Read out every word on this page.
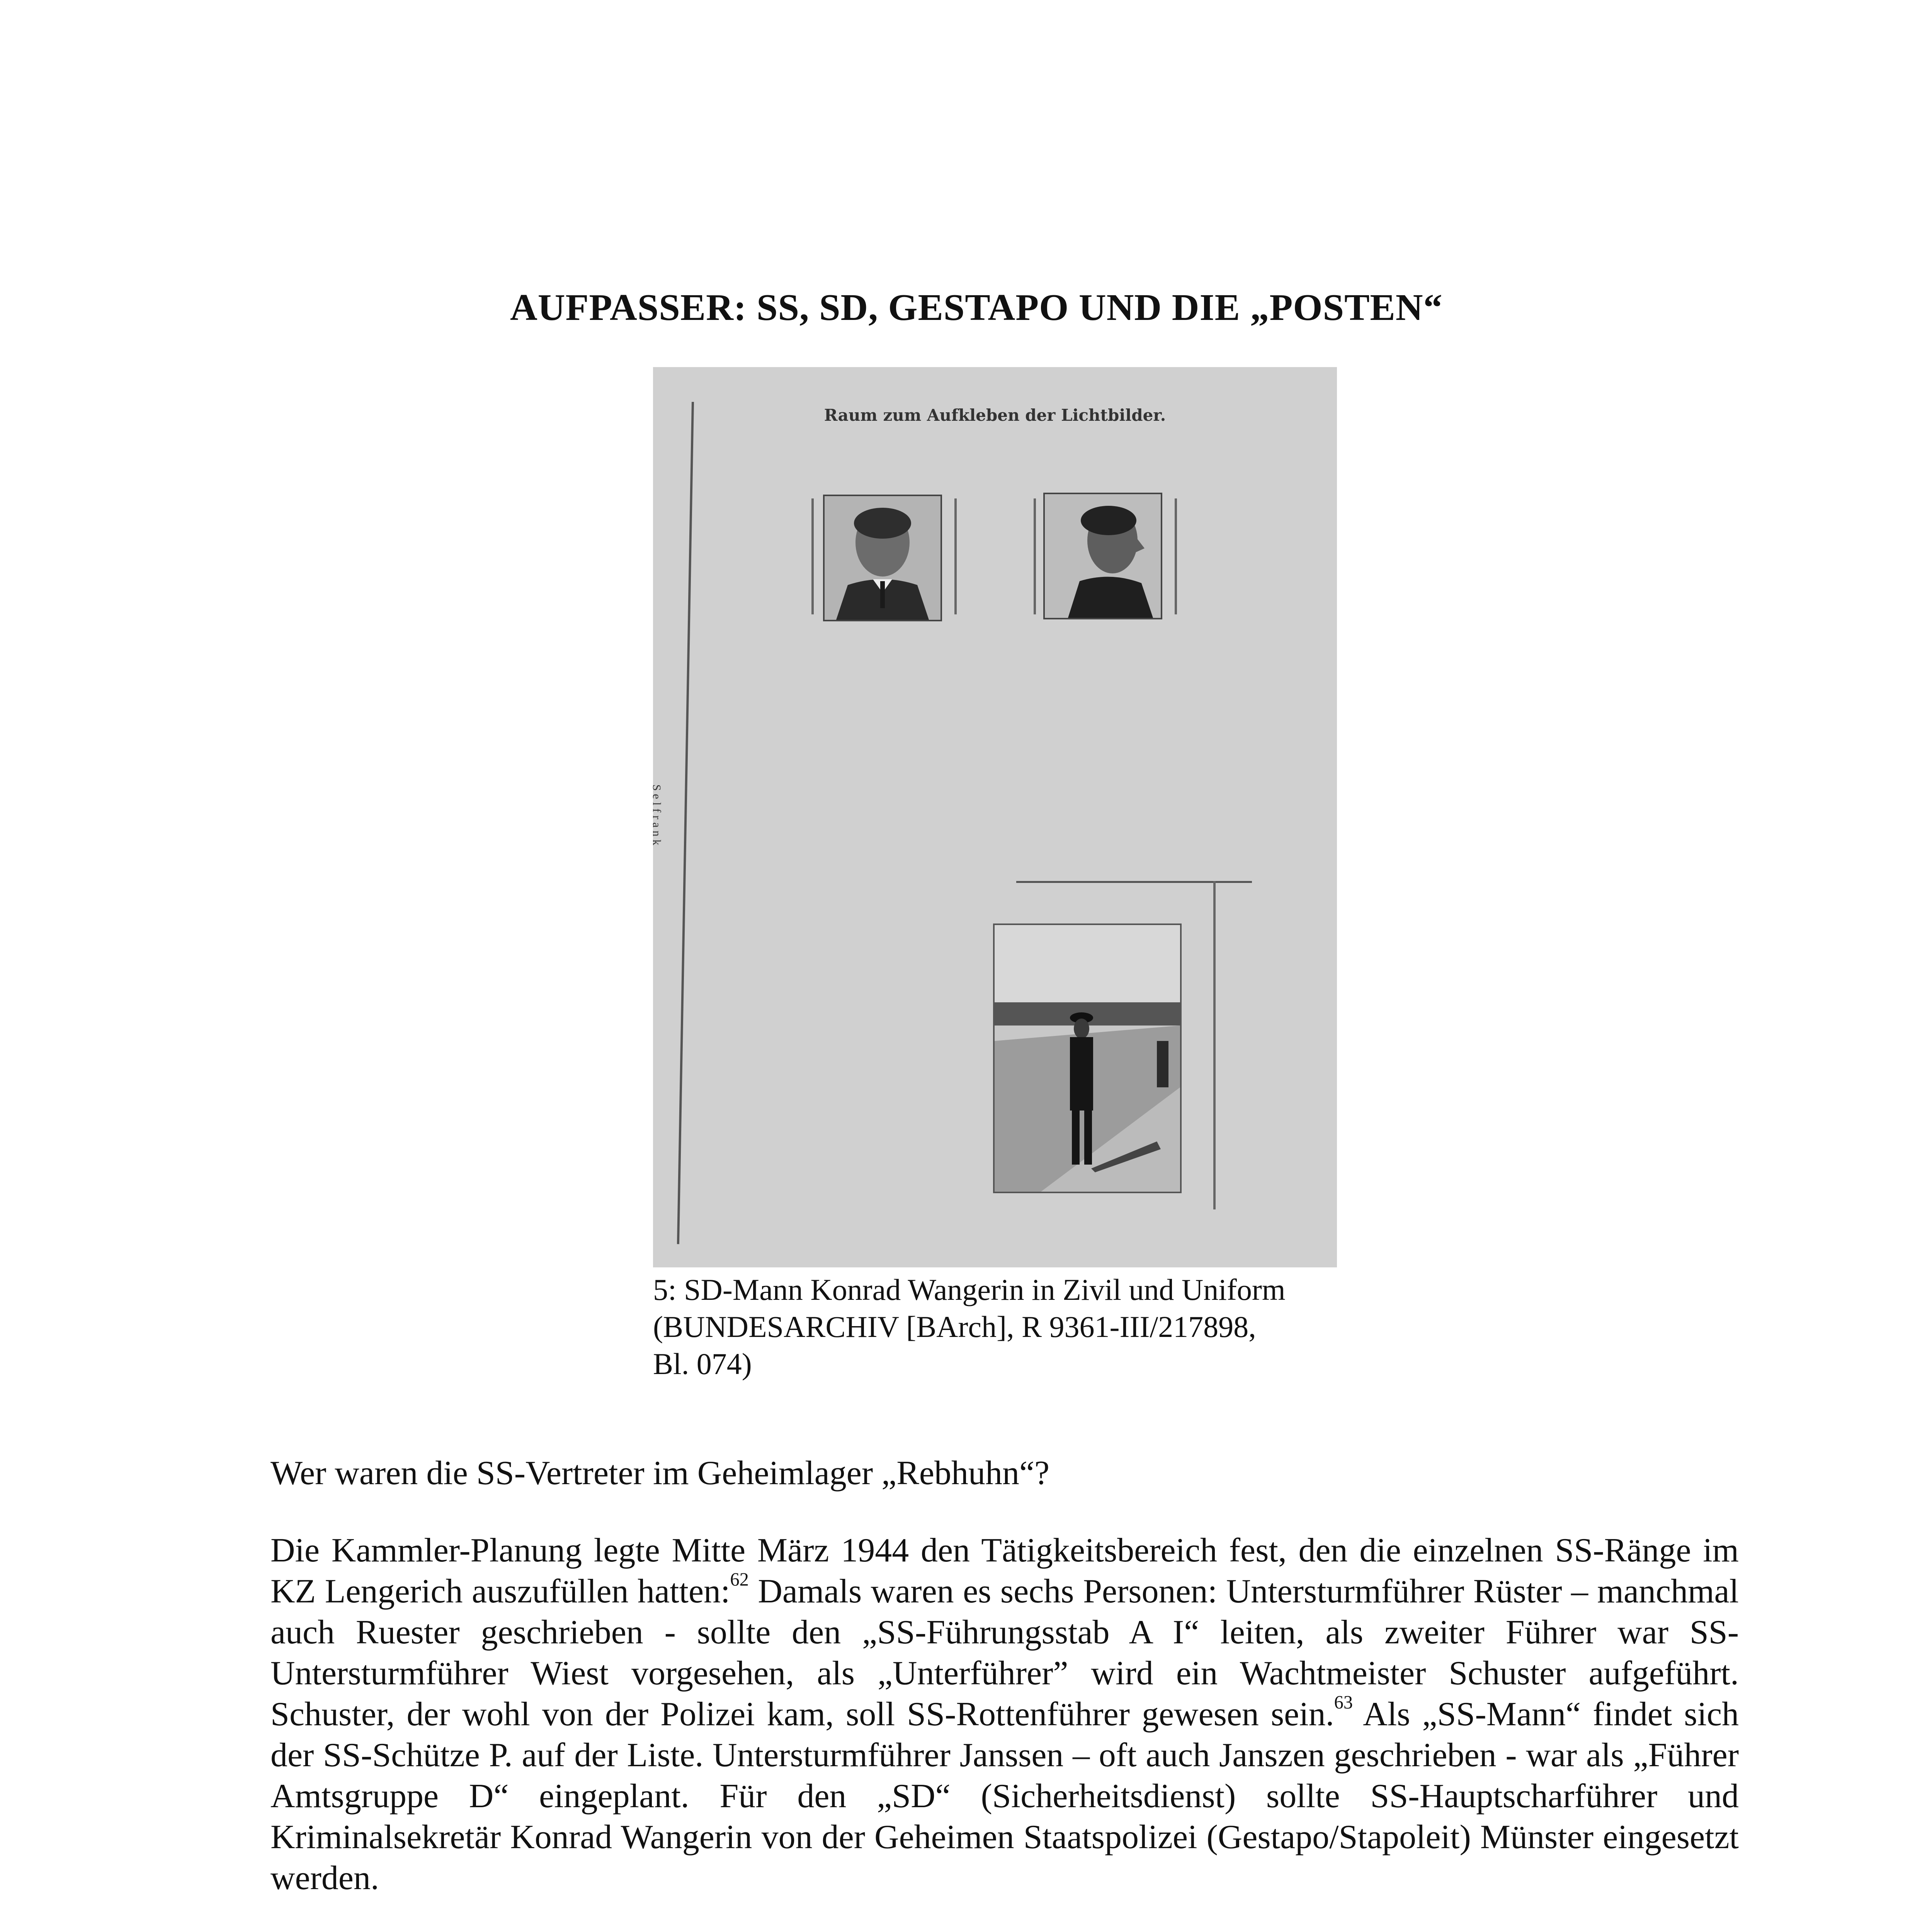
AUFPASSER: SS, SD, GESTAPO UND DIE „POSTEN“
Raum zum Aufkleben der Lichtbilder.
Selfrank

5: SD-Mann Konrad Wangerin in Zivil und Uniform

(BUNDESARCHIV [BArch], R 9361-III/217898,

Bl. 074)

Wer waren die SS-Vertreter im Geheimlager „Rebhuhn“?

Die Kammler-Planung legte Mitte März 1944 den Tätigkeitsbereich fest, den die einzelnen SS-Ränge im KZ Lengerich auszufüllen hatten:$^{62}$ Damals waren es sechs Personen: Untersturmführer Rüster – manchmal auch Ruester geschrieben - sollte den „SS-Führungsstab A I“ leiten, als zweiter Führer war SS-Untersturmführer Wiest vorgesehen, als „Unterführer” wird ein Wachtmeister Schuster aufgeführt. Schuster, der wohl von der Polizei kam, soll SS-Rottenführer gewesen sein.$^{63}$ Als „SS-Mann“ findet sich der SS-Schütze P. auf der Liste. Untersturmführer Janssen – oft auch Janszen geschrieben - war als „Führer Amtsgruppe D“ eingeplant. Für den „SD“ (Sicherheitsdienst) sollte SS-Hauptscharführer und Kriminalsekretär Konrad Wangerin von der Geheimen Staatspolizei (Gestapo/Stapoleit) Münster eingesetzt werden.
